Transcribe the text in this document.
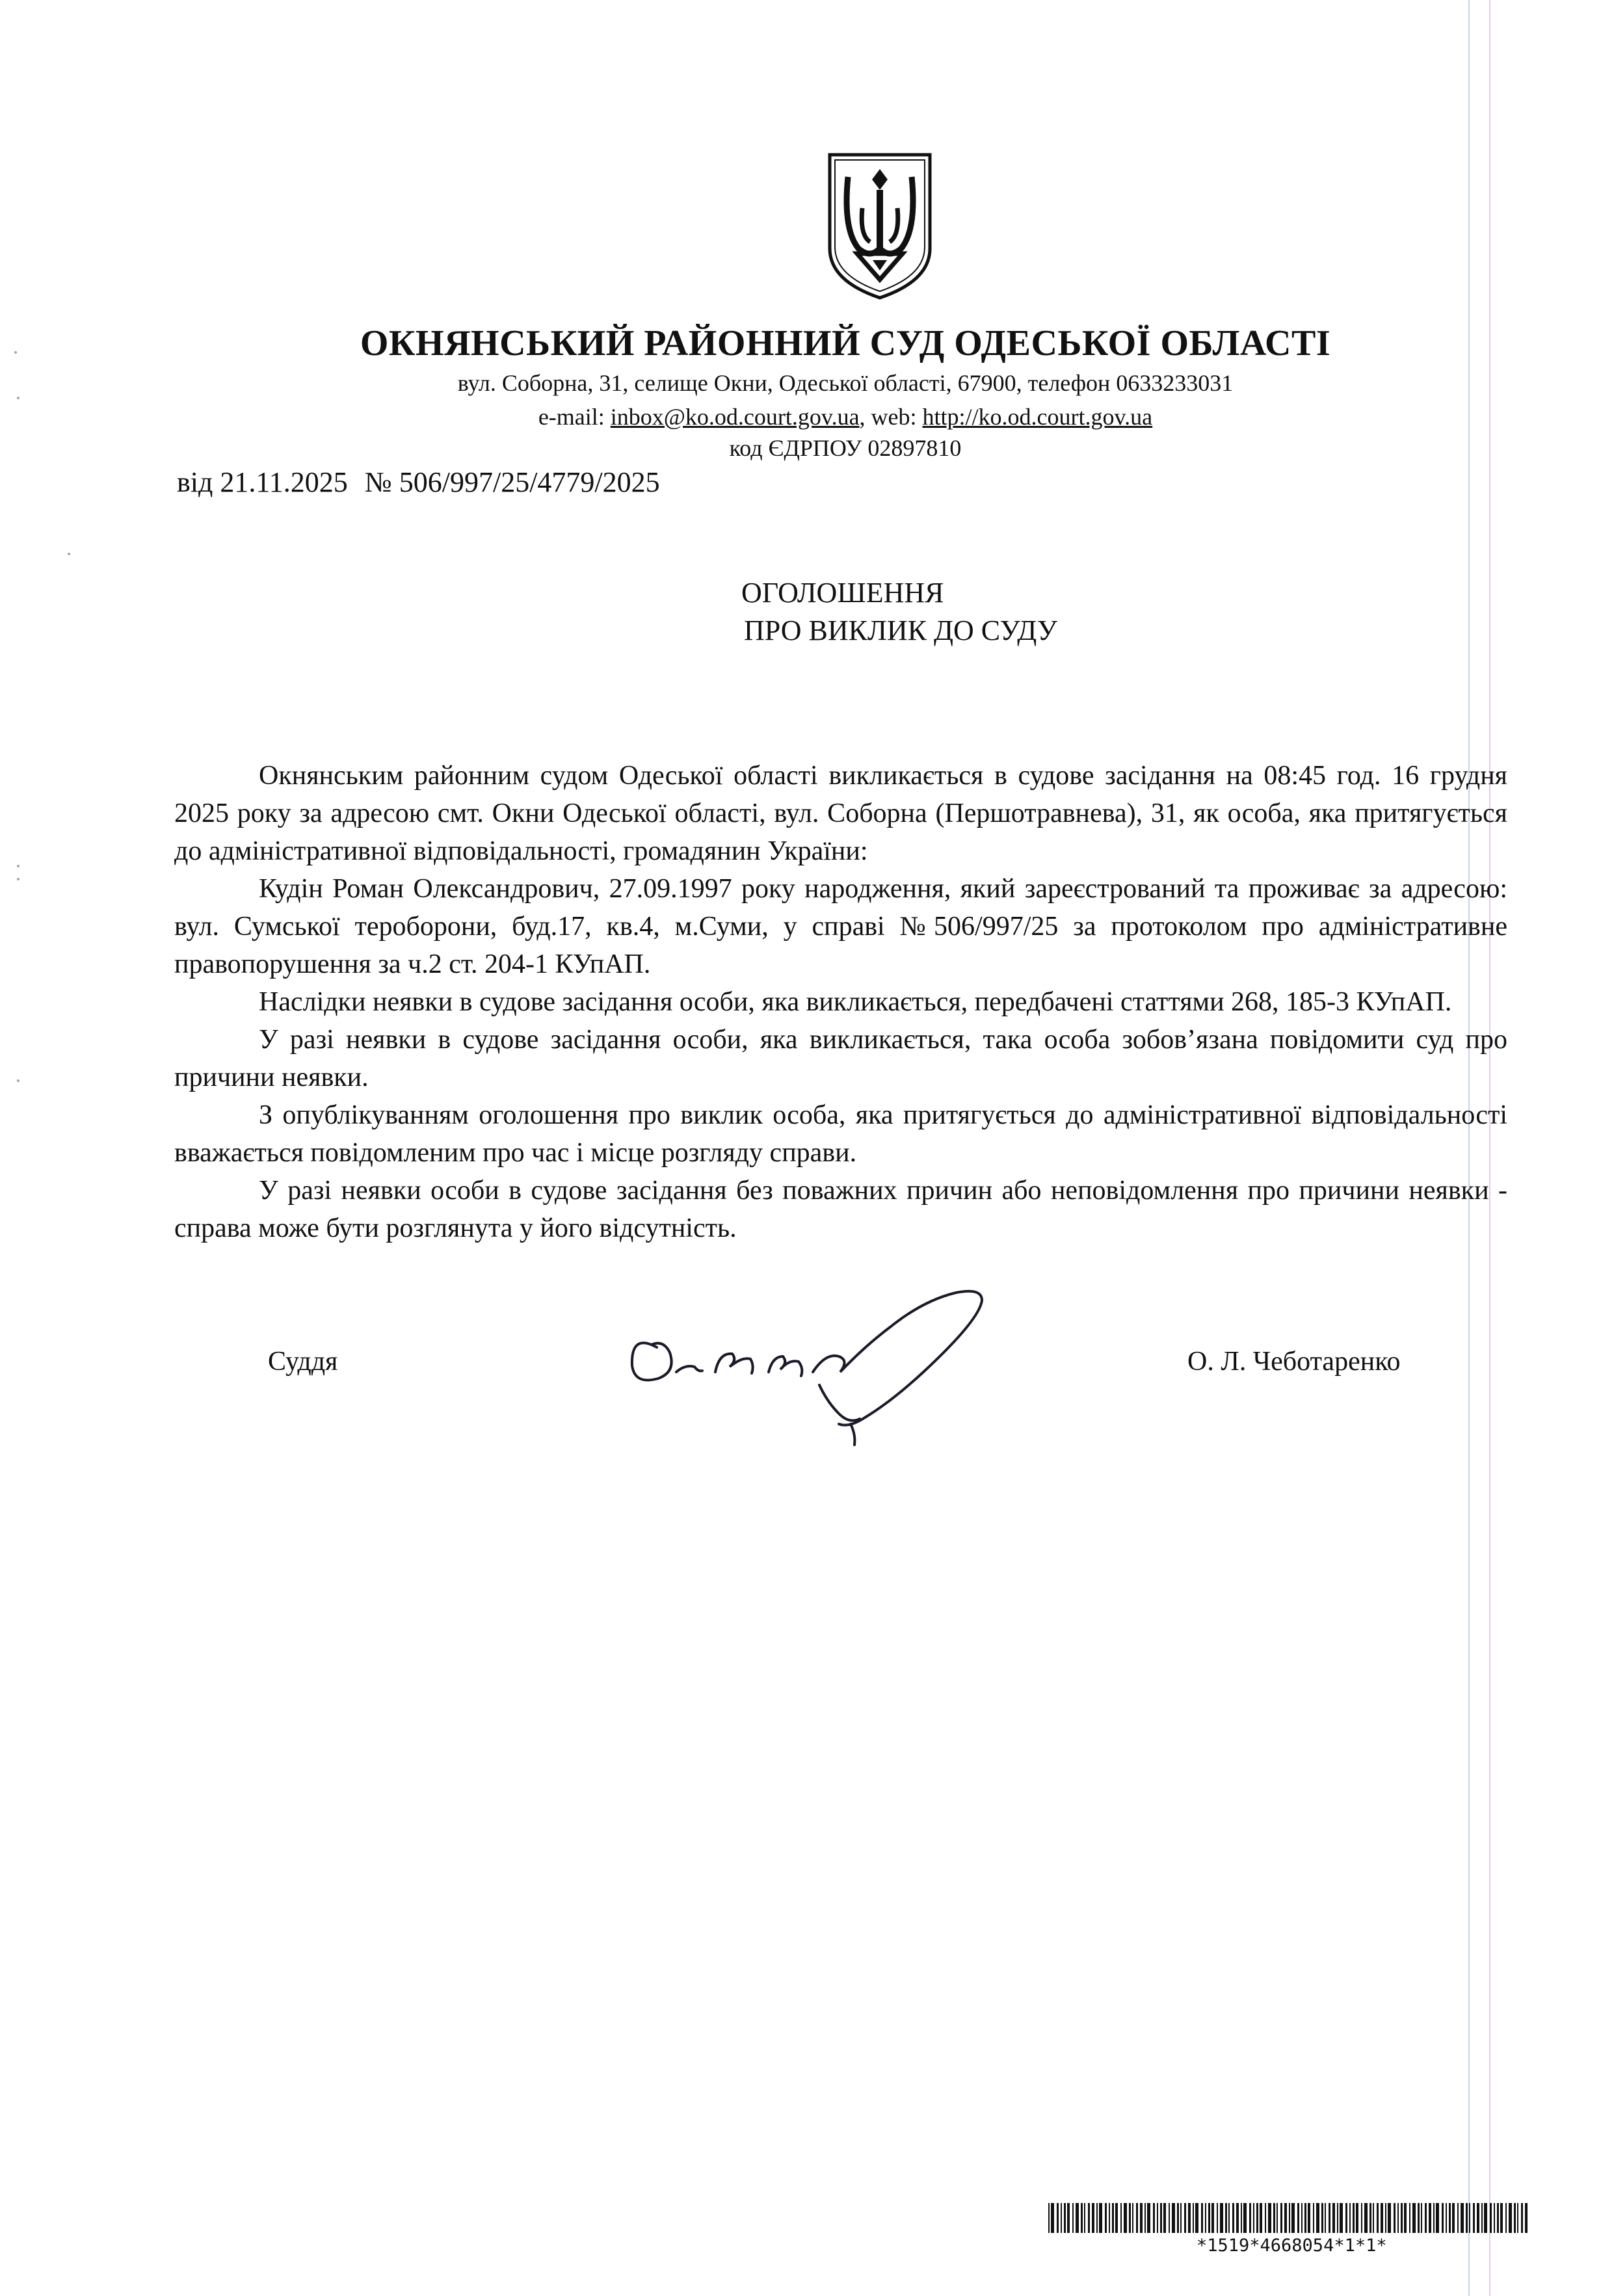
ОКНЯНСЬКИЙ РАЙОННИЙ СУД ОДЕСЬКОЇ ОБЛАСТІ
вул. Соборна, 31, селище Окни, Одеської області, 67900, телефон 0633233031
e-mail: inbox@ko.od.court.gov.ua, web: http://ko.od.court.gov.ua
код ЄДРПОУ 02897810
від 21.11.2025 № 506/997/25/4779/2025
ОГОЛОШЕННЯ
ПРО ВИКЛИК ДО СУДУ

Окнянським районним судом Одеської області викликається в судове засідання на 08:45 год. 16 грудня 2025 року за адресою смт. Окни Одеської області, вул. Соборна (Першотравнева), 31, як особа, яка притягується до адміністративної відповідальності, громадянин України:

Кудін Роман Олександрович, 27.09.1997 року народження, який зареєстрований та проживає за адресою: вул. Сумської тероборони, буд.17, кв.4, м.Суми, у справі №506/997/25 за протоколом про адміністративне правопорушення за ч.2 ст. 204-1 КУпАП.

Наслідки неявки в судове засідання особи, яка викликається, передбачені статтями 268, 185-3 КУпАП.

У разі неявки в судове засідання особи, яка викликається, така особа зобов’язана повідомити суд про причини неявки.

З опублікуванням оголошення про виклик особа, яка притягується до адміністративної відповідальності вважається повідомленим про час і місце розгляду справи.

У разі неявки особи в судове засідання без поважних причин або неповідомлення про причини неявки - справа може бути розглянута у його відсутність.

Суддя	О. Л. Чеботаренко
*1519*4668054*1*1*
